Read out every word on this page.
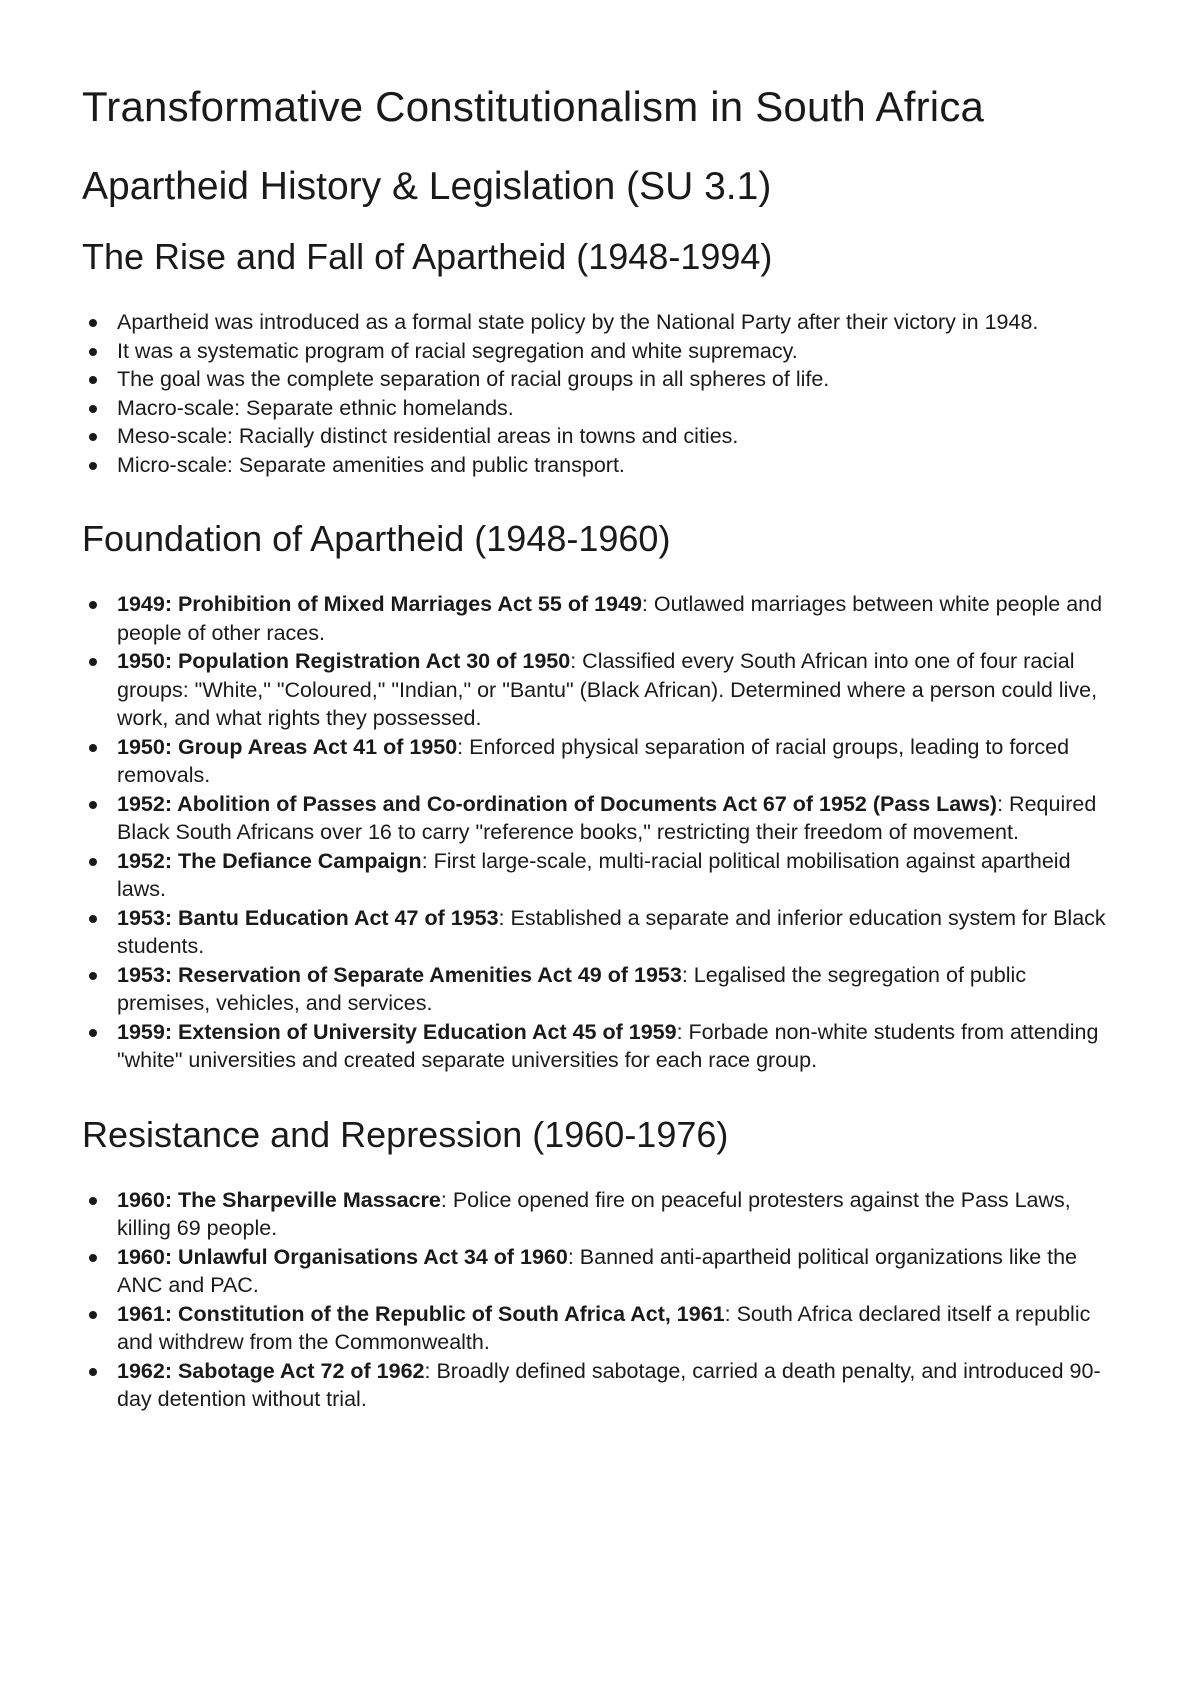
Transformative Constitutionalism in South Africa
Apartheid History & Legislation (SU 3.1)
The Rise and Fall of Apartheid (1948-1994)
Apartheid was introduced as a formal state policy by the National Party after their victory in 1948.
It was a systematic program of racial segregation and white supremacy.
The goal was the complete separation of racial groups in all spheres of life.
Macro-scale: Separate ethnic homelands.
Meso-scale: Racially distinct residential areas in towns and cities.
Micro-scale: Separate amenities and public transport.
Foundation of Apartheid (1948-1960)
1949: Prohibition of Mixed Marriages Act 55 of 1949: Outlawed marriages between white people and people of other races.
1950: Population Registration Act 30 of 1950: Classified every South African into one of four racial groups: "White," "Coloured," "Indian," or "Bantu" (Black African). Determined where a person could live, work, and what rights they possessed.
1950: Group Areas Act 41 of 1950: Enforced physical separation of racial groups, leading to forced removals.
1952: Abolition of Passes and Co-ordination of Documents Act 67 of 1952 (Pass Laws): Required Black South Africans over 16 to carry "reference books," restricting their freedom of movement.
1952: The Defiance Campaign: First large-scale, multi-racial political mobilisation against apartheid laws.
1953: Bantu Education Act 47 of 1953: Established a separate and inferior education system for Black students.
1953: Reservation of Separate Amenities Act 49 of 1953: Legalised the segregation of public premises, vehicles, and services.
1959: Extension of University Education Act 45 of 1959: Forbade non-white students from attending "white" universities and created separate universities for each race group.
Resistance and Repression (1960-1976)
1960: The Sharpeville Massacre: Police opened fire on peaceful protesters against the Pass Laws, killing 69 people.
1960: Unlawful Organisations Act 34 of 1960: Banned anti-apartheid political organizations like the ANC and PAC.
1961: Constitution of the Republic of South Africa Act, 1961: South Africa declared itself a republic and withdrew from the Commonwealth.
1962: Sabotage Act 72 of 1962: Broadly defined sabotage, carried a death penalty, and introduced 90-day detention without trial.
